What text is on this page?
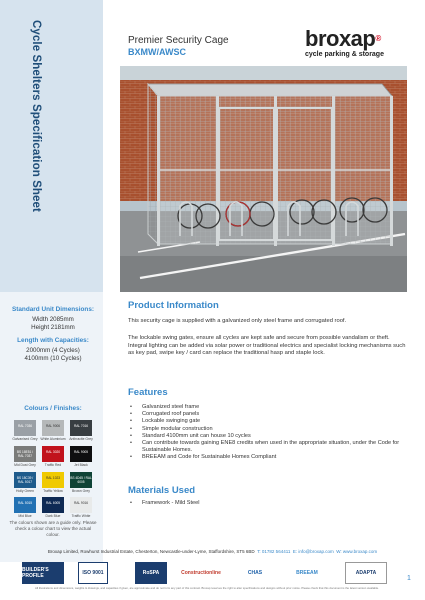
Cycle Shelters Specification Sheet	Premier Security Cage
BXMW/AWSC
broxap®
cycle parking & storage
Standard Unit Dimensions:
Width 2085mm
Height 2181mm
Length with Capacities:
2000mm (4 Cycles)
4100mm (10 Cycles)
Colours / Finishes:
RAL 7036
Galvanised Grey
RAL 9006
White Aluminium
RAL 7016
Anthracite Grey
BS 18E51 / RAL 7037
Mid Dust Grey
RAL 3020
Traffic Red
RAL 9005
Jet Black
BS 18C39 / RAL 5017
Holly Green
RAL 1023
Traffic Yellow
BS 4D45 / RAL 6005
Brown Grey
RAL 5015
Mid Blue
RAL 6005
Dark Blue
RAL 9016
Traffic White
The colours shown are a guide only. Please check a colour chart to view the actual colour.
Product Information
This security cage is supplied with a galvanized only steel frame and corrugated roof.
The lockable swing gates, ensure all cycles are kept safe and secure from possible vandalism or theft. Integral lighting can be added via solar power or traditional electrics and specialist locking mechanisms such as key pad, swipe key / card can replace the traditional hasp and staple lock.
Features
• Galvanized steel frame
• Corrugated roof panels
• Lockable swinging gate
• Simple modular construction
• Standard 4100mm unit can house 10 cycles
• Can contribute towards gaining ENE8 credits when used in the appropriate situation, under the Code for Sustainable Homes.
• BREEAM and Code for Sustainable Homes Compliant
Materials Used
• Framework - Mild Steel
Broxap Limited, Rowhurst Industrial Estate, Chesterton, Newcastle-under-Lyme, Staffordshire, ST5 6BD T: 01782 564411 E: info@broxap.com W: www.broxap.com
BUILDER'S PROFILE	ISO 9001	RoSPA	Constructionline	CHAS	BREEAM	ADAPTA
All illustrations and dimensions, weights & drawings, and capacities if given, are approximate and do not form any part of this contract. Broxap reserves the right to alter specifications and designs without prior notice. Please check that this document is the latest version available.
1
